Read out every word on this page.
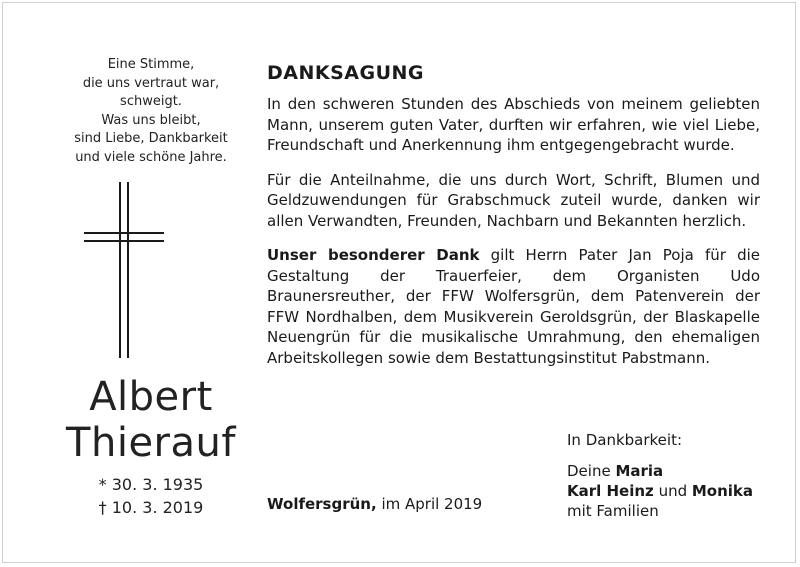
Eine Stimme,
die uns vertraut war,
schweigt.
Was uns bleibt,
sind Liebe, Dankbarkeit
und viele schöne Jahre.
Albert
Thierauf
* 30. 3. 1935
† 10. 3. 2019
DANKSAGUNG

In den schweren Stunden des Abschieds von meinem geliebten Mann, unserem guten Vater, durften wir erfahren, wie viel Liebe, Freundschaft und Anerkennung ihm entgegengebracht wurde.

Für die Anteilnahme, die uns durch Wort, Schrift, Blumen und Geldzuwendungen für Grabschmuck zuteil wurde, danken wir allen Verwandten, Freunden, Nachbarn und Bekannten herzlich.

Unser besonderer Dank gilt Herrn Pater Jan Poja für die Gestaltung der Trauerfeier, dem Organisten Udo Braunersreuther, der FFW Wolfersgrün, dem Patenverein der FFW Nordhalben, dem Musikverein Geroldsgrün, der Blaskapelle Neuengrün für die musikalische Umrahmung, den ehemaligen Arbeitskollegen sowie dem Bestattungsinstitut Pabstmann.

Wolfersgrün, im April 2019
In Dankbarkeit:
Deine Maria
Karl Heinz und Monika
mit Familien
